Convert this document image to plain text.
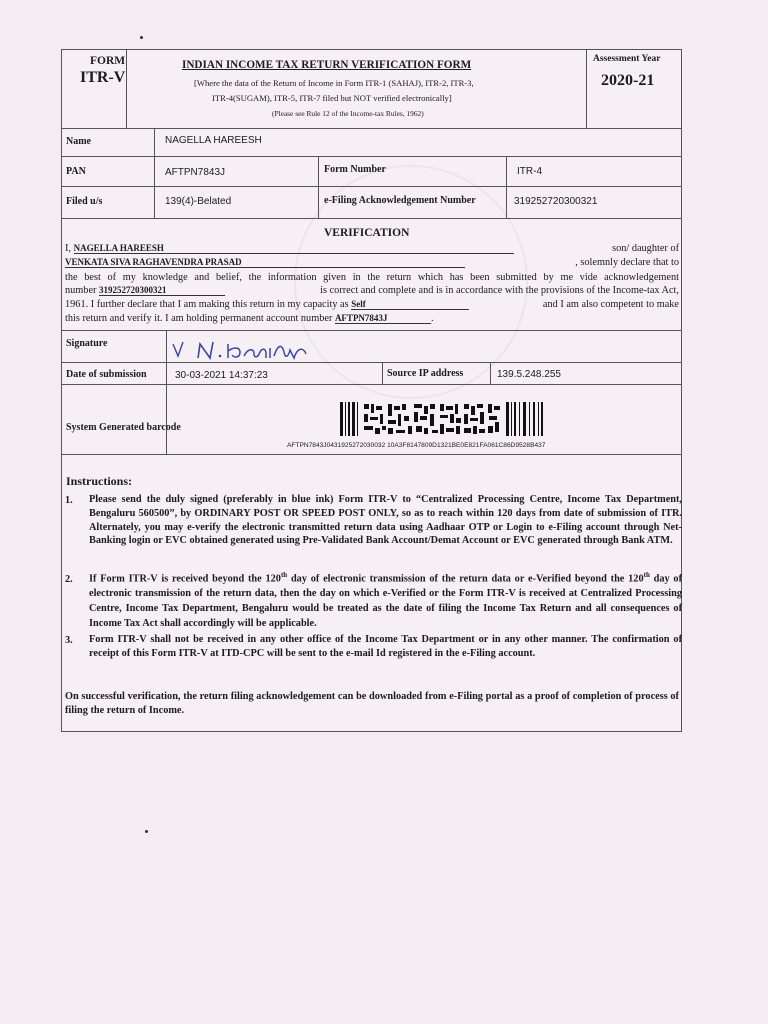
FORM
ITR-V
INDIAN INCOME TAX RETURN VERIFICATION FORM
[Where the data of the Return of Income in Form ITR-1 (SAHAJ), ITR-2, ITR-3,
ITR-4(SUGAM), ITR-5, ITR-7 filed but NOT verified electronically]
(Please see Rule 12 of the Income-tax Rules, 1962)
Assessment Year
2020-21
Name	NAGELLA HAREESH
PAN	AFTPN7843J	Form Number	ITR-4
Filed u/s	139(4)-Belated	e-Filing Acknowledgement Number	319252720300321
VERIFICATION
I, NAGELLA HAREESH	son/ daughter of
VENKATA SIVA RAGHAVENDRA PRASAD	, solemnly declare that to
the best of my knowledge and belief, the information given in the return which has been submitted by me vide acknowledgement
number 319252720300321	is correct and complete and is in accordance with the provisions of the Income-tax Act,
1961. I further declare that I am making this return in my capacity as Self	and I am also competent to make
this return and verify it. I am holding permanent account number AFTPN7843J	.
Signature
Date of submission	30-03-2021 14:37:23	Source IP address	139.5.248.255
System Generated barcode
AFTPN7843J0431925272030032 10A3F8147809D1321BE0E821FA061C86D9528B437
Instructions:
1. Please send the duly signed (preferably in blue ink) Form ITR-V to “Centralized Processing Centre, Income Tax Department, Bengaluru 560500”, by ORDINARY POST OR SPEED POST ONLY, so as to reach within 120 days from date of submission of ITR. Alternately, you may e-verify the electronic transmitted return data using Aadhaar OTP or Login to e-Filing account through Net-Banking login or EVC obtained generated using Pre-Validated Bank Account/Demat Account or EVC generated through Bank ATM.
2. If Form ITR-V is received beyond the 120th day of electronic transmission of the return data or e-Verified beyond the 120th day of electronic transmission of the return data, then the day on which e-Verified or the Form ITR-V is received at Centralized Processing Centre, Income Tax Department, Bengaluru would be treated as the date of filing the Income Tax Return and all consequences of Income Tax Act shall accordingly will be applicable.
3. Form ITR-V shall not be received in any other office of the Income Tax Department or in any other manner. The confirmation of receipt of this Form ITR-V at ITD-CPC will be sent to the e-mail Id registered in the e-Filing account.
On successful verification, the return filing acknowledgement can be downloaded from e-Filing portal as a proof of completion of process of filing the return of Income.
